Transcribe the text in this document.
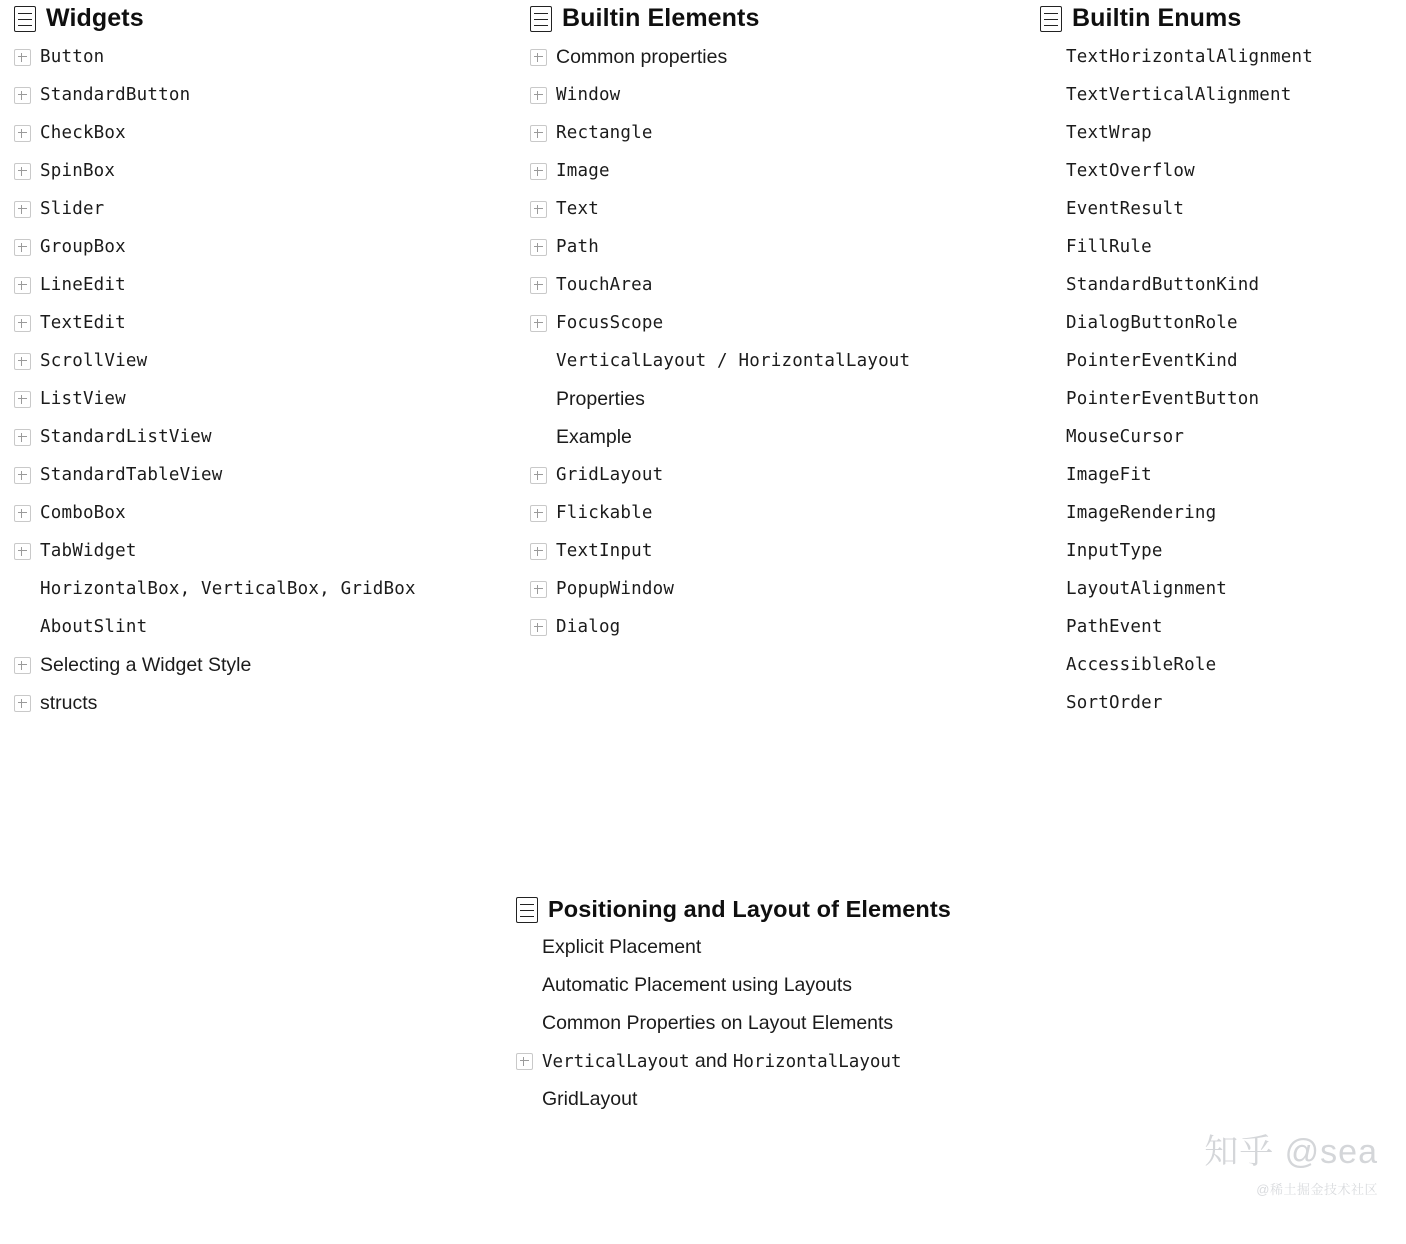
Widgets
Button
StandardButton
CheckBox
SpinBox
Slider
GroupBox
LineEdit
TextEdit
ScrollView
ListView
StandardListView
StandardTableView
ComboBox
TabWidget
HorizontalBox, VerticalBox, GridBox
AboutSlint
Selecting a Widget Style
structs
Builtin Elements
Common properties
Window
Rectangle
Image
Text
Path
TouchArea
FocusScope
VerticalLayout / HorizontalLayout
Properties
Example
GridLayout
Flickable
TextInput
PopupWindow
Dialog
Builtin Enums
TextHorizontalAlignment
TextVerticalAlignment
TextWrap
TextOverflow
EventResult
FillRule
StandardButtonKind
DialogButtonRole
PointerEventKind
PointerEventButton
MouseCursor
ImageFit
ImageRendering
InputType
LayoutAlignment
PathEvent
AccessibleRole
SortOrder
Positioning and Layout of Elements
Explicit Placement
Automatic Placement using Layouts
Common Properties on Layout Elements
VerticalLayout and HorizontalLayout
GridLayout
知乎 @sea
@稀土掘金技术社区
